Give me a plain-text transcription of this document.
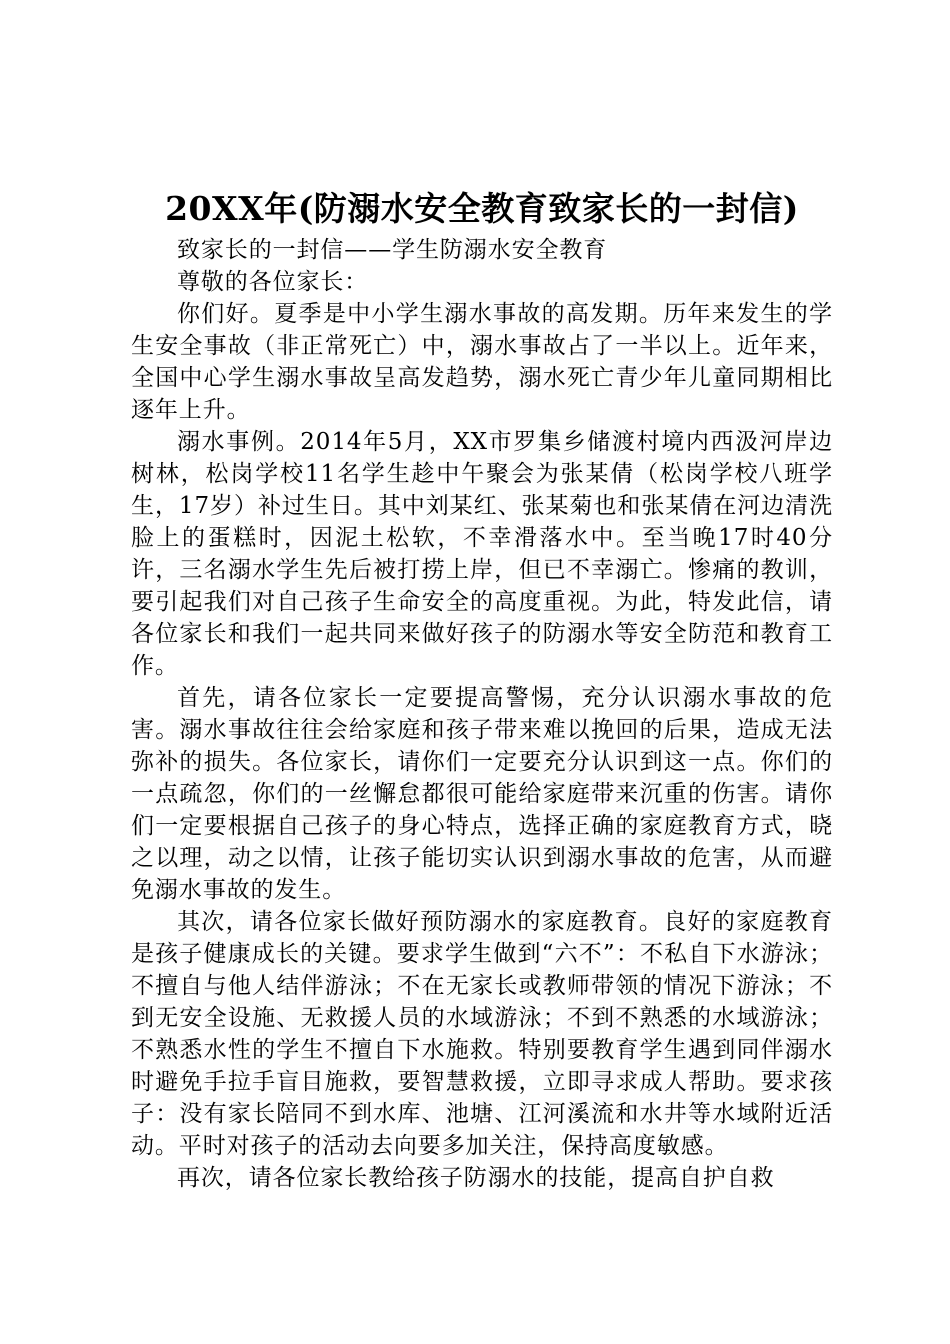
20XX年(防溺水安全教育致家长的一封信)

致家长的一封信——学生防溺水安全教育

尊敬的各位家长：

你们好。夏季是中小学生溺水事故的高发期。历年来发生的学生安全事故（非正常死亡）中，溺水事故占了一半以上。近年来，全国中心学生溺水事故呈高发趋势，溺水死亡青少年儿童同期相比逐年上升。

溺水事例。2014年5月，XX市罗集乡储渡村境内西汲河岸边树林，松岗学校11名学生趁中午聚会为张某倩（松岗学校八班学生，17岁）补过生日。其中刘某红、张某菊也和张某倩在河边清洗脸上的蛋糕时，因泥土松软，不幸滑落水中。至当晚17时40分许，三名溺水学生先后被打捞上岸，但已不幸溺亡。惨痛的教训，要引起我们对自己孩子生命安全的高度重视。为此，特发此信，请各位家长和我们一起共同来做好孩子的防溺水等安全防范和教育工作。

首先，请各位家长一定要提高警惕，充分认识溺水事故的危害。溺水事故往往会给家庭和孩子带来难以挽回的后果，造成无法弥补的损失。各位家长，请你们一定要充分认识到这一点。你们的一点疏忽，你们的一丝懈怠都很可能给家庭带来沉重的伤害。请你们一定要根据自己孩子的身心特点，选择正确的家庭教育方式，晓之以理，动之以情，让孩子能切实认识到溺水事故的危害，从而避免溺水事故的发生。

其次，请各位家长做好预防溺水的家庭教育。良好的家庭教育是孩子健康成长的关键。要求学生做到“六不”：不私自下水游泳；不擅自与他人结伴游泳；不在无家长或教师带领的情况下游泳；不到无安全设施、无救援人员的水域游泳；不到不熟悉的水域游泳；不熟悉水性的学生不擅自下水施救。特别要教育学生遇到同伴溺水时避免手拉手盲目施救，要智慧救援，立即寻求成人帮助。要求孩子：没有家长陪同不到水库、池塘、江河溪流和水井等水域附近活动。平时对孩子的活动去向要多加关注，保持高度敏感。

再次，请各位家长教给孩子防溺水的技能，提高自护自救
